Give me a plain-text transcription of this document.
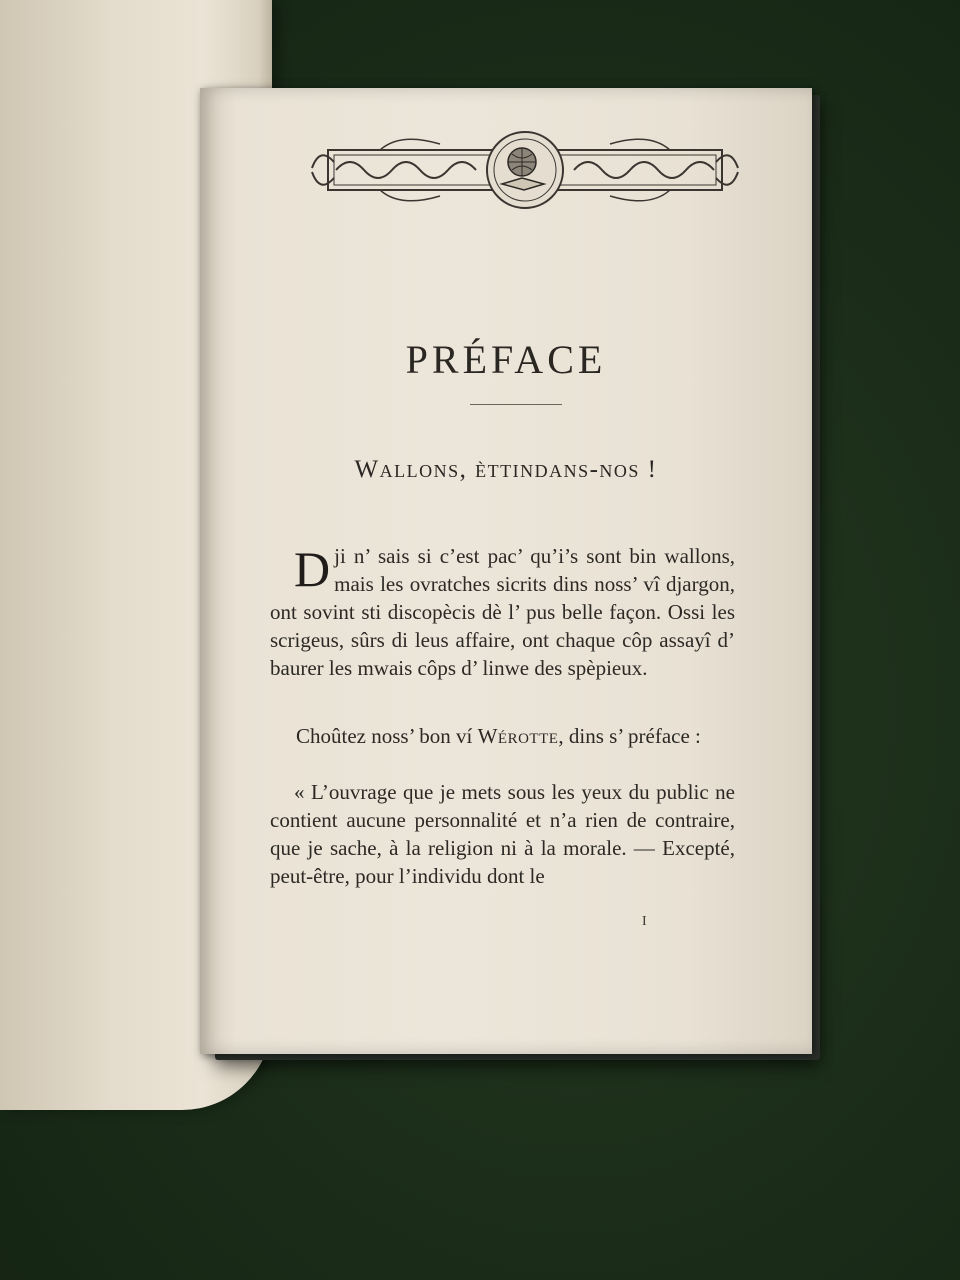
PRÉFACE
Wallons, èttindans-nos !
Dji n’ sais si c’est pac’ qu’i’s sont bin wallons, mais les ovratches sicrits dins noss’ vî djargon, ont sovint sti discopècis dè l’ pus belle façon. Ossi les scrigeus, sûrs di leus affaire, ont chaque côp assayî d’ baurer les mwais côps d’ linwe des spèpieux.
Choûtez noss’ bon ví Wérotte, dins s’ préface :
« L’ouvrage que je mets sous les yeux du public ne contient aucune personnalité et n’a rien de contraire, que je sache, à la religion ni à la morale. — Excepté, peut-être, pour l’individu dont le
I
